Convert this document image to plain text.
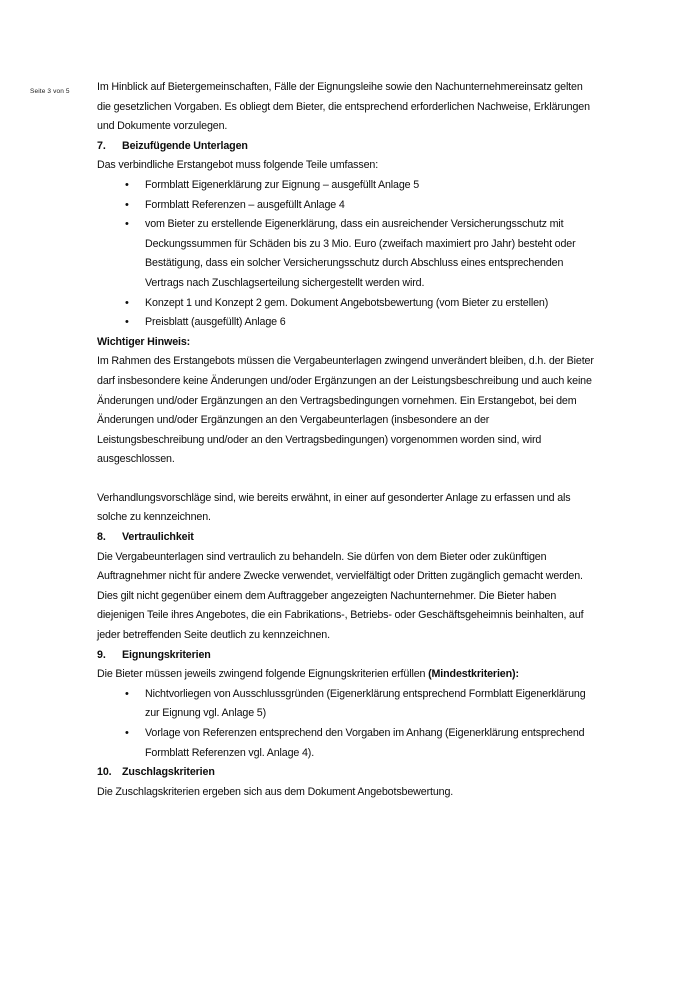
Seite 3 von 5	Im Hinblick auf Bietergemeinschaften, Fälle der Eignungsleihe sowie den Nachunternehmereinsatz gelten die gesetzlichen Vorgaben. Es obliegt dem Bieter, die entsprechend erforderlichen Nachweise, Erklärungen und Dokumente vorzulegen.

7.	Beizufügende Unterlagen

Das verbindliche Erstangebot muss folgende Teile umfassen:

• Formblatt Eigenerklärung zur Eignung – ausgefüllt Anlage 5
• Formblatt Referenzen – ausgefüllt Anlage 4
• vom Bieter zu erstellende Eigenerklärung, dass ein ausreichender Versicherungsschutz mit Deckungssummen für Schäden bis zu 3 Mio. Euro (zweifach maximiert pro Jahr) besteht oder Bestätigung, dass ein solcher Versicherungsschutz durch Abschluss eines entsprechenden Vertrags nach Zuschlagserteilung sichergestellt werden wird.
• Konzept 1 und Konzept 2 gem. Dokument Angebotsbewertung (vom Bieter zu erstellen)
• Preisblatt (ausgefüllt) Anlage 6

Wichtiger Hinweis:

Im Rahmen des Erstangebots müssen die Vergabeunterlagen zwingend unverändert bleiben, d.h. der Bieter darf insbesondere keine Änderungen und/oder Ergänzungen an der Leistungsbeschreibung und auch keine Änderungen und/oder Ergänzungen an den Vertragsbedingungen vornehmen. Ein Erstangebot, bei dem Änderungen und/oder Ergänzungen an den Vergabeunterlagen (insbesondere an der Leistungsbeschreibung und/oder an den Vertragsbedingungen) vorgenommen worden sind, wird ausgeschlossen.

Verhandlungsvorschläge sind, wie bereits erwähnt, in einer auf gesonderter Anlage zu erfassen und als solche zu kennzeichnen.

8.	Vertraulichkeit

Die Vergabeunterlagen sind vertraulich zu behandeln. Sie dürfen von dem Bieter oder zukünftigen Auftragnehmer nicht für andere Zwecke verwendet, vervielfältigt oder Dritten zugänglich gemacht werden. Dies gilt nicht gegenüber einem dem Auftraggeber angezeigten Nachunternehmer. Die Bieter haben diejenigen Teile ihres Angebotes, die ein Fabrikations-, Betriebs- oder Geschäftsgeheimnis beinhalten, auf jeder betreffenden Seite deutlich zu kennzeichnen.

9.	Eignungskriterien

Die Bieter müssen jeweils zwingend folgende Eignungskriterien erfüllen (Mindestkriterien):

• Nichtvorliegen von Ausschlussgründen (Eigenerklärung entsprechend Formblatt Eigenerklärung zur Eignung vgl. Anlage 5)
• Vorlage von Referenzen entsprechend den Vorgaben im Anhang (Eigenerklärung entsprechend Formblatt Referenzen vgl. Anlage 4).
10. Zuschlagskriterien

Die Zuschlagskriterien ergeben sich aus dem Dokument Angebotsbewertung.
